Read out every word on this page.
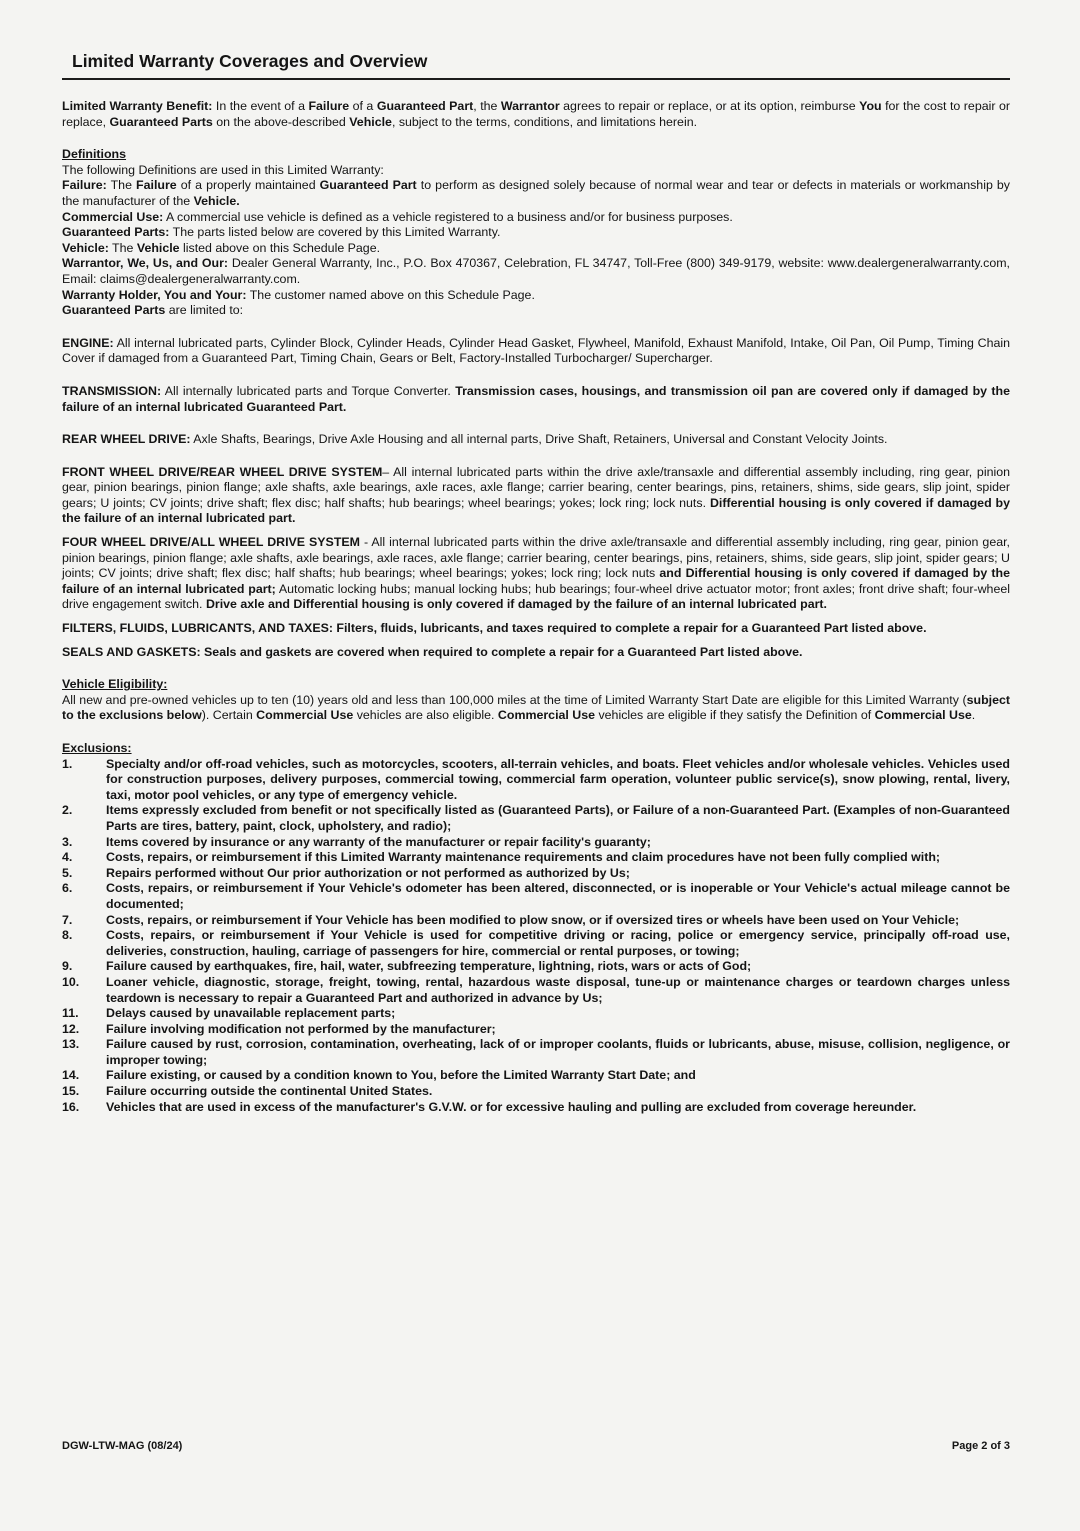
Limited Warranty Coverages and Overview

Limited Warranty Benefit: In the event of a Failure of a Guaranteed Part, the Warrantor agrees to repair or replace, or at its option, reimburse You for the cost to repair or replace, Guaranteed Parts on the above-described Vehicle, subject to the terms, conditions, and limitations herein.

Definitions
The following Definitions are used in this Limited Warranty:

Failure: The Failure of a properly maintained Guaranteed Part to perform as designed solely because of normal wear and tear or defects in materials or workmanship by the manufacturer of the Vehicle.

Commercial Use: A commercial use vehicle is defined as a vehicle registered to a business and/or for business purposes.

Guaranteed Parts: The parts listed below are covered by this Limited Warranty.

Vehicle: The Vehicle listed above on this Schedule Page.

Warrantor, We, Us, and Our: Dealer General Warranty, Inc., P.O. Box 470367, Celebration, FL 34747, Toll-Free (800) 349-9179, website: www.dealergeneralwarranty.com, Email: claims@dealergeneralwarranty.com.

Warranty Holder, You and Your: The customer named above on this Schedule Page.

Guaranteed Parts are limited to:

ENGINE: All internal lubricated parts, Cylinder Block, Cylinder Heads, Cylinder Head Gasket, Flywheel, Manifold, Exhaust Manifold, Intake, Oil Pan, Oil Pump, Timing Chain Cover if damaged from a Guaranteed Part, Timing Chain, Gears or Belt, Factory-Installed Turbocharger/ Supercharger.

TRANSMISSION: All internally lubricated parts and Torque Converter. Transmission cases, housings, and transmission oil pan are covered only if damaged by the failure of an internal lubricated Guaranteed Part.

REAR WHEEL DRIVE: Axle Shafts, Bearings, Drive Axle Housing and all internal parts, Drive Shaft, Retainers, Universal and Constant Velocity Joints.

FRONT WHEEL DRIVE/REAR WHEEL DRIVE SYSTEM– All internal lubricated parts within the drive axle/transaxle and differential assembly including, ring gear, pinion gear, pinion bearings, pinion flange; axle shafts, axle bearings, axle races, axle flange; carrier bearing, center bearings, pins, retainers, shims, side gears, slip joint, spider gears; U joints; CV joints; drive shaft; flex disc; half shafts; hub bearings; wheel bearings; yokes; lock ring; lock nuts. Differential housing is only covered if damaged by the failure of an internal lubricated part.

FOUR WHEEL DRIVE/ALL WHEEL DRIVE SYSTEM - All internal lubricated parts within the drive axle/transaxle and differential assembly including, ring gear, pinion gear, pinion bearings, pinion flange; axle shafts, axle bearings, axle races, axle flange; carrier bearing, center bearings, pins, retainers, shims, side gears, slip joint, spider gears; U joints; CV joints; drive shaft; flex disc; half shafts; hub bearings; wheel bearings; yokes; lock ring; lock nuts and Differential housing is only covered if damaged by the failure of an internal lubricated part; Automatic locking hubs; manual locking hubs; hub bearings; four-wheel drive actuator motor; front axles; front drive shaft; four-wheel drive engagement switch. Drive axle and Differential housing is only covered if damaged by the failure of an internal lubricated part.

FILTERS, FLUIDS, LUBRICANTS, AND TAXES: Filters, fluids, lubricants, and taxes required to complete a repair for a Guaranteed Part listed above.

SEALS AND GASKETS: Seals and gaskets are covered when required to complete a repair for a Guaranteed Part listed above.

Vehicle Eligibility:

All new and pre-owned vehicles up to ten (10) years old and less than 100,000 miles at the time of Limited Warranty Start Date are eligible for this Limited Warranty (subject to the exclusions below). Certain Commercial Use vehicles are also eligible. Commercial Use vehicles are eligible if they satisfy the Definition of Commercial Use.

Exclusions:
1.	Specialty and/or off-road vehicles, such as motorcycles, scooters, all-terrain vehicles, and boats. Fleet vehicles and/or wholesale vehicles. Vehicles used for construction purposes, delivery purposes, commercial towing, commercial farm operation, volunteer public service(s), snow plowing, rental, livery, taxi, motor pool vehicles, or any type of emergency vehicle.
2.	Items expressly excluded from benefit or not specifically listed as (Guaranteed Parts), or Failure of a non-Guaranteed Part. (Examples of non-Guaranteed Parts are tires, battery, paint, clock, upholstery, and radio);
3.	Items covered by insurance or any warranty of the manufacturer or repair facility's guaranty;
4.	Costs, repairs, or reimbursement if this Limited Warranty maintenance requirements and claim procedures have not been fully complied with;
5.	Repairs performed without Our prior authorization or not performed as authorized by Us;
6.	Costs, repairs, or reimbursement if Your Vehicle's odometer has been altered, disconnected, or is inoperable or Your Vehicle's actual mileage cannot be documented;
7.	Costs, repairs, or reimbursement if Your Vehicle has been modified to plow snow, or if oversized tires or wheels have been used on Your Vehicle;
8.	Costs, repairs, or reimbursement if Your Vehicle is used for competitive driving or racing, police or emergency service, principally off-road use, deliveries, construction, hauling, carriage of passengers for hire, commercial or rental purposes, or towing;
9.	Failure caused by earthquakes, fire, hail, water, subfreezing temperature, lightning, riots, wars or acts of God;
10.	Loaner vehicle, diagnostic, storage, freight, towing, rental, hazardous waste disposal, tune-up or maintenance charges or teardown charges unless teardown is necessary to repair a Guaranteed Part and authorized in advance by Us;
11.	Delays caused by unavailable replacement parts;
12.	Failure involving modification not performed by the manufacturer;
13.	Failure caused by rust, corrosion, contamination, overheating, lack of or improper coolants, fluids or lubricants, abuse, misuse, collision, negligence, or improper towing;
14.	Failure existing, or caused by a condition known to You, before the Limited Warranty Start Date; and
15.	Failure occurring outside the continental United States.
16.	Vehicles that are used in excess of the manufacturer's G.V.W. or for excessive hauling and pulling are excluded from coverage hereunder.
DGW-LTW-MAG (08/24)	Page 2 of 3
